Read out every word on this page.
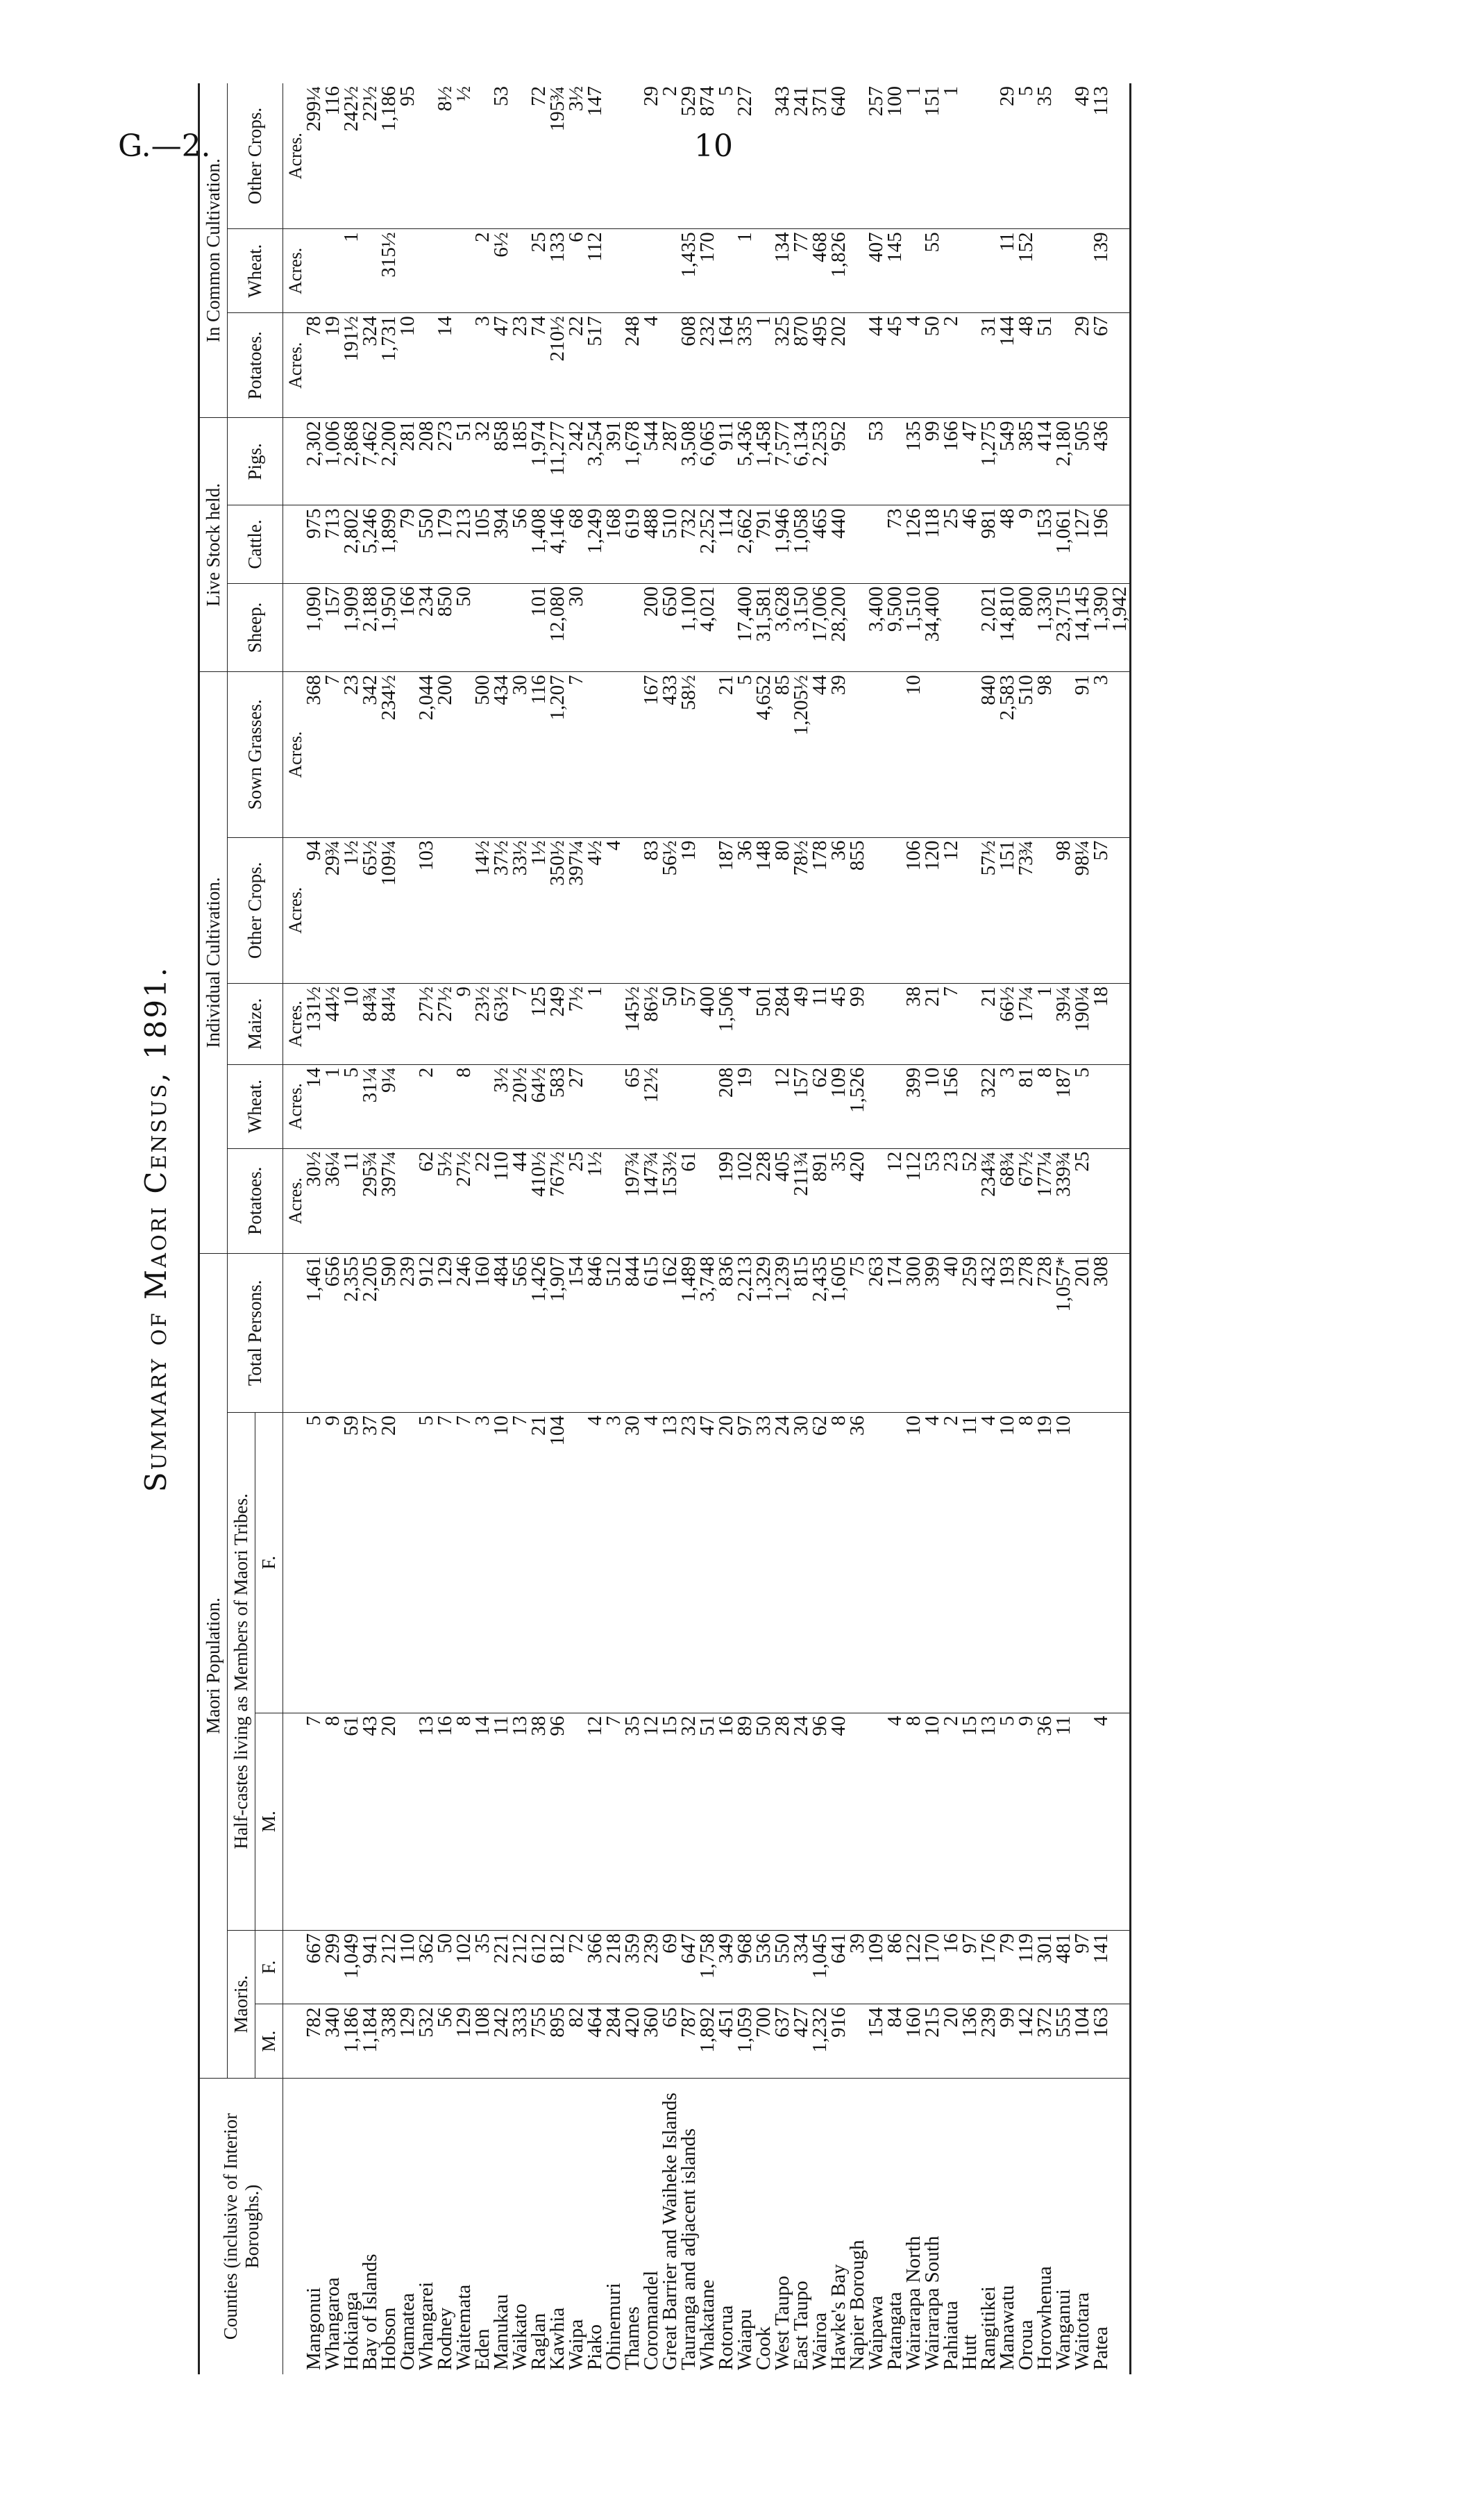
G.—2.	10
Summary of Maori Census, 1891.
Counties (inclusive of Interior Boroughs.)	Maori Population.					Individual Cultivation.					Live Stock held.			In Common Cultivation.		
	Maoris.		Half-castes living as Members of Maori Tribes.		Total Persons.	Potatoes.	Wheat.	Maize.	Other Crops.	Sown Grasses.	Sheep.	Cattle.	Pigs.	Potatoes.	Wheat.	Other Crops.
	M.	F.	M.	F.												
						Acres.	Acres.	Acres.	Acres.	Acres.				Acres.	Acres.	Acres.
Mangonui	782	667	7	5	1,461	30½	14	131½	94	368	1,090	975	2,302	78		299¼
Whangaroa	340	299	8	9	656	36¼	1	44½	29¾	7	157	713	1,006	19		116
Hokianga	1,186	1,049	61	59	2,355	11	5	10	1½	23	1,909	2,802	2,868	191½	1	242½
Bay of Islands	1,184	941	43	37	2,205	295¾	31¼	84¾	65½	342	2,188	5,246	7,462	324		22½
Hobson	338	212	20	20	590	397¼	9¼	84¼	109¼	234½	1,950	1,899	2,200	1,731	315½	1,186
Otamatea	129	110			239						166	79	281	10		95
Whangarei	532	362	13	5	912	62	2	27½	103	2,044	234	550	208			
Rodney	56	50	16	7	129	5½		27½		200	850	179	273	14		8½
Waitemata	129	102	8	7	246	27½	8	9			50	213	51			½
Eden	108	35	14	3	160	22		23½	14½	500		105	32	3	2	
Manukau	242	221	11	10	484	110	3½	63½	37½	434		394	858	47	6½	53
Waikato	333	212	13	7	565	44	20½	7	33½	30		56	185	23		
Raglan	755	612	38	21	1,426	410½	64½	125	1½	116	101	1,408	1,974	74	25	72
Kawhia	895	812	96	104	1,907	767½	583	249	350½	1,207	12,080	4,146	11,277	210½	133	195¾
Waipa	82	72			154	25	27	7½	397¼	7	30	68	242	22	6	3½
Piako	464	366	12	4	846	1½		1	4½			1,249	3,254	517	112	147
Ohinemuri	284	218	7	3	512				4			168	391			
Thames	420	359	35	30	844	197¾	65	145½				619	1,678	248		
Coromandel	360	239	12	4	615	147¾	12½	86½	83	167	200	488	544	4		29
Great Barrier and Waiheke Islands	65	69	15	13	162	153½		50	56½	433	650	510	287			2
Tauranga and adjacent islands	787	647	32	23	1,489	61		57	19	58½	1,100	732	3,508	608	1,435	529
Whakatane	1,892	1,758	51	47	3,748			400			4,021	2,252	6,065	232	170	874
Rotorua	451	349	16	20	836	199	208	1,506	187	21		114	911	164		5
Waiapu	1,059	968	89	97	2,213	102	19	4	36	5	17,400	2,662	5,436	335	1	227
Cook	700	536	50	33	1,329	228		501	148	4,652	31,581	791	1,458	1		
West Taupo	637	550	28	24	1,239	405	12	284	80	85	3,628	1,946	7,577	325	134	343
East Taupo	427	334	24	30	815	211¾	157	49	78½	1,205½	3,150	1,058	6,134	870	77	241
Wairoa	1,232	1,045	96	62	2,435	891	62	11	178	44	17,006	465	2,253	495	468	371
Hawke's Bay	916	641	40	8	1,605	35	109	45	36	39	28,200	440	952	202	1,826	640
Napier Borough		39		36	75	420	1,526	99	855							
Waipawa	154	109			263						3,400		53	44	407	257
Patangata	84	86	4		174	12					9,500	73		45	145	100
Wairarapa North	160	122	8	10	300	112	399	38	106	10	1,510	126	135	4		1
Wairarapa South	215	170	10	4	399	53	10	21	120		34,400	118	99	50	55	151
Pahiatua	20	16	2	2	40	23	156	7	12			25	166	2		1
Hutt	136	97	15	11	259	52						46	47			
Rangitikei	239	176	13	4	432	234¾	322	21	57½	840	2,021	981	1,275	31		
Manawatu	99	79	5	10	193	68¾	3	66½	151	2,583	14,810	48	549	144	11	29
Oroua	142	119	9	8	278	67½	81	17¼	73¾	510	800	9	385	48	152	5
Horowhenua	372	301	36	19	728	177¼	8	1		98	1,330	153	414	51		35
Wanganui	555	481	11	10	1,057*	339¾	187	39¼	98		23,715	1,061	2,180			
Waitotara	104	97			201	25	5	190¼	98¼	91	14,145	127	505	29		49
Patea	163	141	4		308			18	57	3	1,390	196	436	67	139	113
											1,942					
